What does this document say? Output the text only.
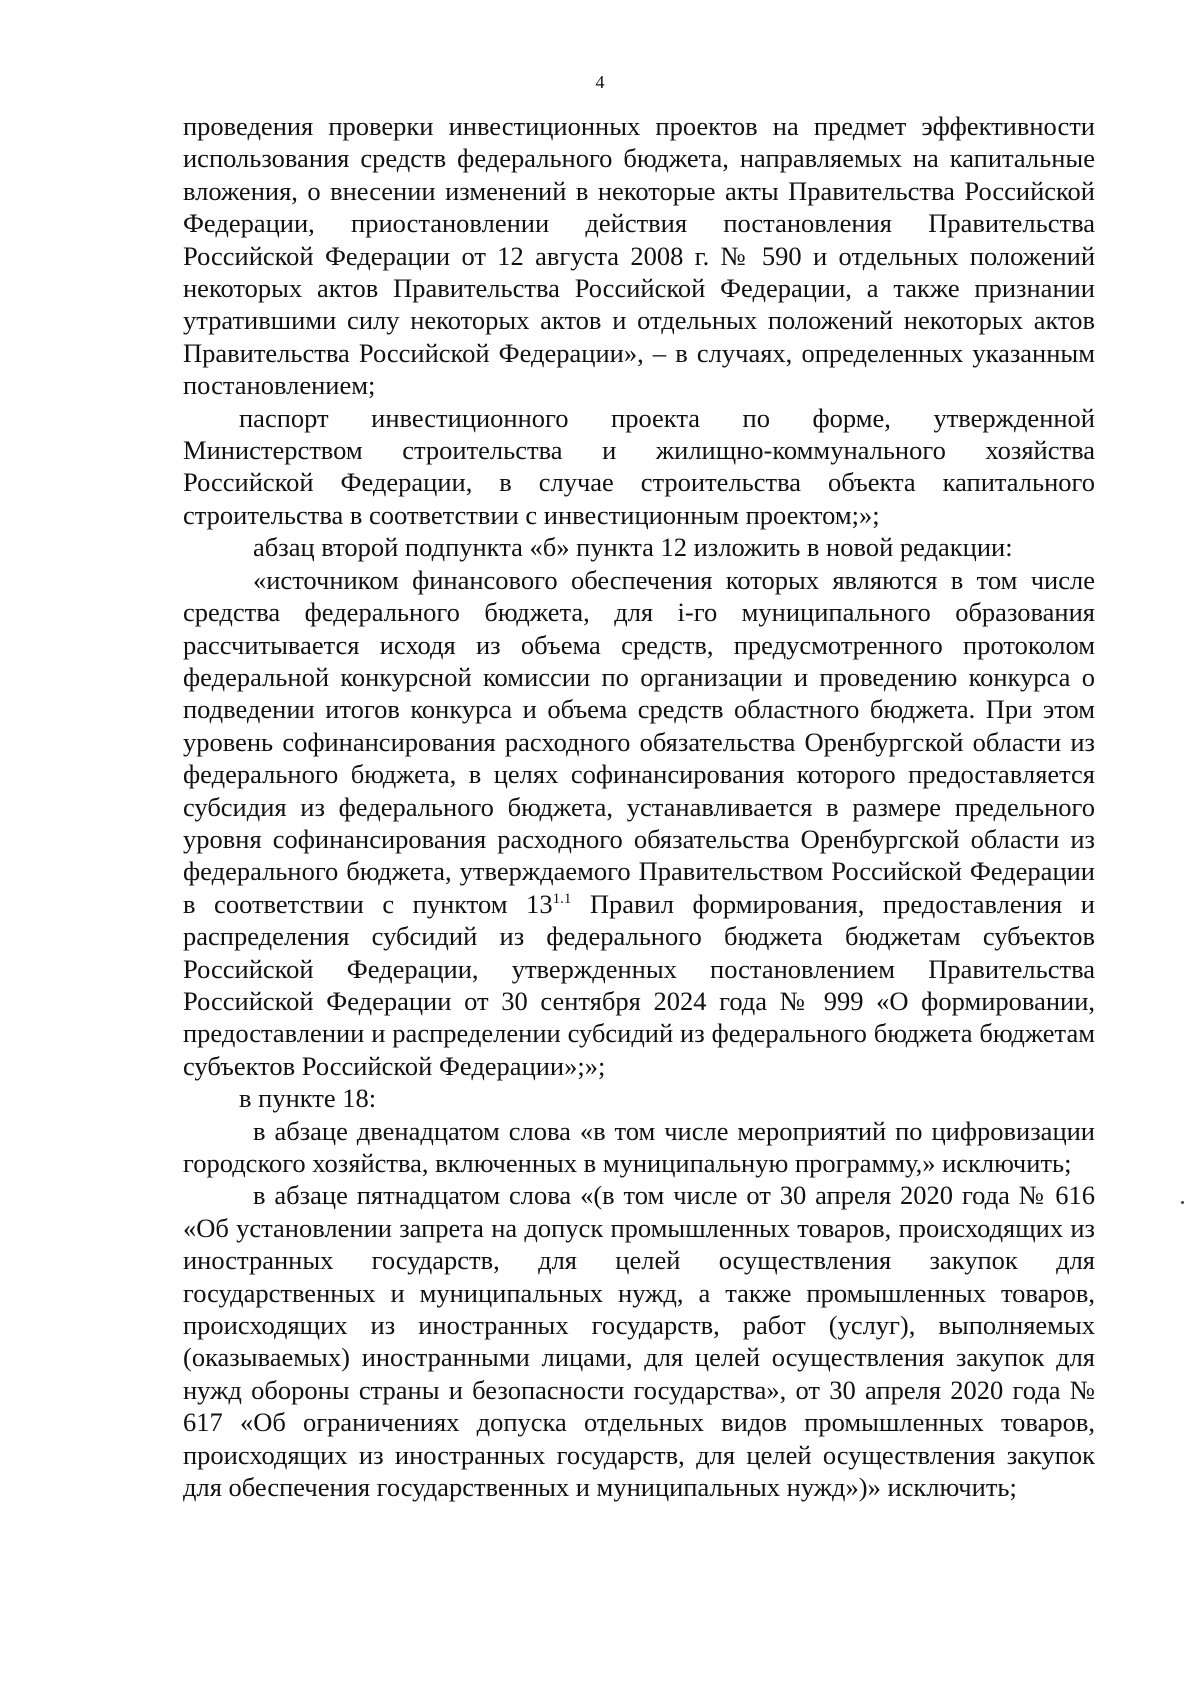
4

проведения проверки инвестиционных проектов на предмет эффективности использования средств федерального бюджета, направляемых на капитальные вложения, о внесении изменений в некоторые акты Правительства Российской Федерации, приостановлении действия постановления Правительства Российской Федерации от 12 августа 2008 г. № 590 и отдельных положений некоторых актов Правительства Российской Федерации, а также признании утратившими силу некоторых актов и отдельных положений некоторых актов Правительства Российской Федерации», – в случаях, определенных указанным постановлением;

паспорт инвестиционного проекта по форме, утвержденной Министерством строительства и жилищно-коммунального хозяйства Российской Федерации, в случае строительства объекта капитального строительства в соответствии с инвестиционным проектом;»;

абзац второй подпункта «б» пункта 12 изложить в новой редакции:

«источником финансового обеспечения которых являются в том числе средства федерального бюджета, для i-го муниципального образования рассчитывается исходя из объема средств, предусмотренного протоколом федеральной конкурсной комиссии по организации и проведению конкурса о подведении итогов конкурса и объема средств областного бюджета. При этом уровень софинансирования расходного обязательства Оренбургской области из федерального бюджета, в целях софинансирования которого предоставляется субсидия из федерального бюджета, устанавливается в размере предельного уровня софинансирования расходного обязательства Оренбургской области из федерального бюджета, утверждаемого Правительством Российской Федерации в соответствии с пунктом $13^{1.1}$ Правил формирования, предоставления и распределения субсидий из федерального бюджета бюджетам субъектов Российской Федерации, утвержденных постановлением Правительства Российской Федерации от 30 сентября 2024 года № 999 «О формировании, предоставлении и распределении субсидий из федерального бюджета бюджетам субъектов Российской Федерации»;»;

в пункте 18:

в абзаце двенадцатом слова «в том числе мероприятий по цифровизации городского хозяйства, включенных в муниципальную программу,» исключить;

в абзаце пятнадцатом слова «(в том числе от 30 апреля 2020 года № 616 «Об установлении запрета на допуск промышленных товаров, происходящих из иностранных государств, для целей осуществления закупок для государственных и муниципальных нужд, а также промышленных товаров, происходящих из иностранных государств, работ (услуг), выполняемых (оказываемых) иностранными лицами, для целей осуществления закупок для нужд обороны страны и безопасности государства», от 30 апреля 2020 года № 617 «Об ограничениях допуска отдельных видов промышленных товаров, происходящих из иностранных государств, для целей осуществления закупок для обеспечения государственных и муниципальных нужд»)» исключить;
